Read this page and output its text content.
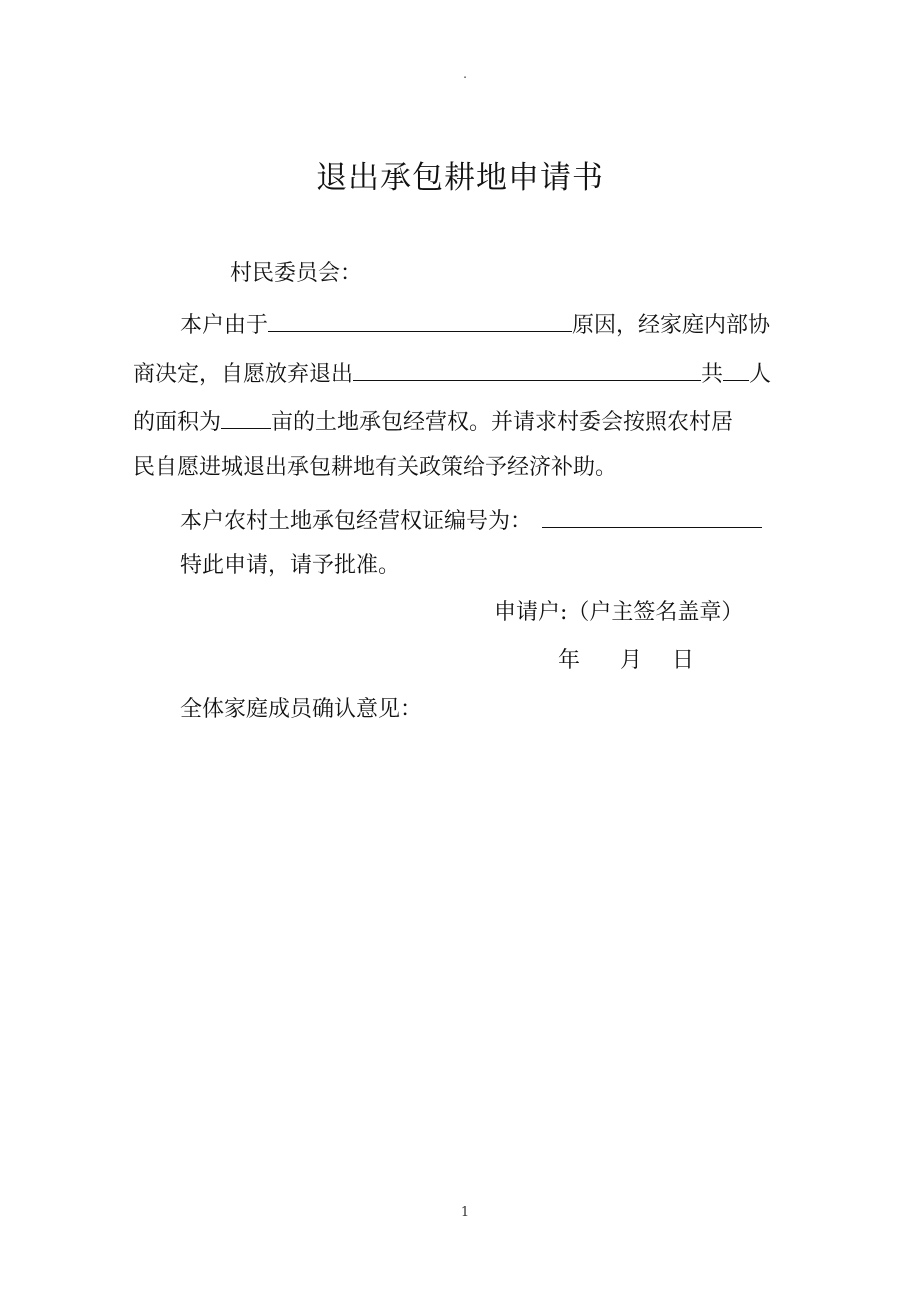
.
退出承包耕地申请书
村民委员会：
本户由于	原因，经家庭内部协
商决定，自愿放弃退出	共 人
的面积为 亩的土地承包经营权。并请求村委会按照农村居
民自愿进城退出承包耕地有关政策给予经济补助。
本户农村土地承包经营权证编号为：
特此申请，请予批准。
申请户:（户主签名盖章）
年 月 日
全体家庭成员确认意见：
1
